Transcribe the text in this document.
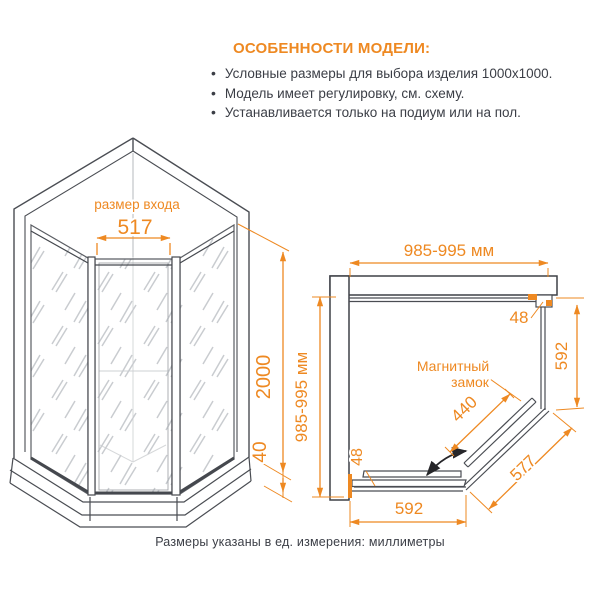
ОСОБЕННОСТИ МОДЕЛИ:
• Условные размеры для выбора изделия 1000x1000.
• Модель имеет регулировку, см. схему.
• Устанавливается только на подиум или на пол.
размер входа
517
2000
40
985-995 мм
985-995 мм
48
592
Магнитный
замок
440
577
592
48
Размеры указаны в ед. измерения: миллиметры
